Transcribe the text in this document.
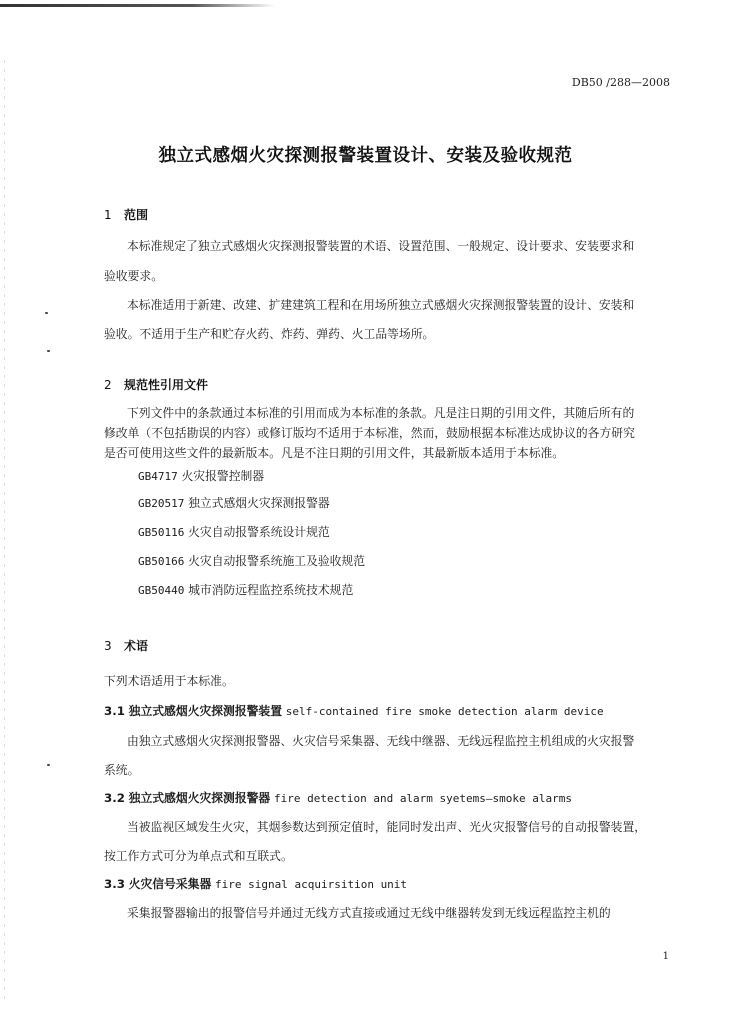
DB50 /288—2008
独立式感烟火灾探测报警装置设计、安装及验收规范
1 范围
本标准规定了独立式感烟火灾探测报警装置的术语、设置范围、一般规定、设计要求、安装要求和
验收要求。
本标准适用于新建、改建、扩建建筑工程和在用场所独立式感烟火灾探测报警装置的设计、安装和
验收。不适用于生产和贮存火药、炸药、弹药、火工品等场所。
2 规范性引用文件
下列文件中的条款通过本标准的引用而成为本标准的条款。凡是注日期的引用文件，其随后所有的
修改单（不包括勘误的内容）或修订版均不适用于本标准，然而，鼓励根据本标准达成协议的各方研究
是否可使用这些文件的最新版本。凡是不注日期的引用文件，其最新版本适用于本标准。
GB4717 火灾报警控制器
GB20517 独立式感烟火灾探测报警器
GB50116 火灾自动报警系统设计规范
GB50166 火灾自动报警系统施工及验收规范
GB50440 城市消防远程监控系统技术规范
3 术语
下列术语适用于本标准。
3.1 独立式感烟火灾探测报警装置 self-contained fire smoke detection alarm device
由独立式感烟火灾探测报警器、火灾信号采集器、无线中继器、无线远程监控主机组成的火灾报警
系统。
3.2 独立式感烟火灾探测报警器 fire detection and alarm syetems—smoke alarms
当被监视区域发生火灾，其烟参数达到预定值时，能同时发出声、光火灾报警信号的自动报警装置，
按工作方式可分为单点式和互联式。
3.3 火灾信号采集器 fire signal acquirsition unit
采集报警器输出的报警信号并通过无线方式直接或通过无线中继器转发到无线远程监控主机的
1
